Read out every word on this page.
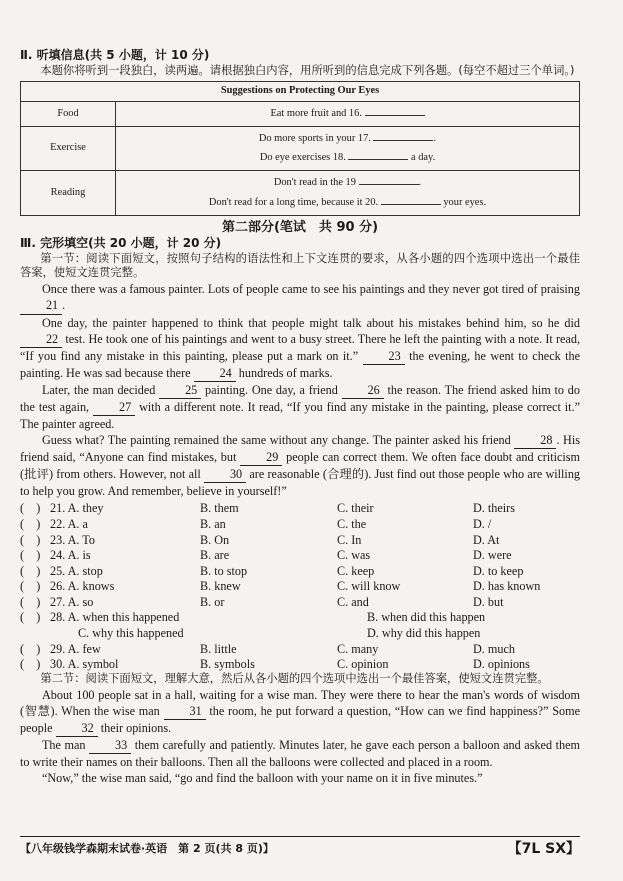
Ⅱ. 听填信息(共 5 小题，计 10 分)

本题你将听到一段独白，读两遍。请根据独白内容，用所听到的信息完成下列各题。(每空不超过三个单词。)

Suggestions on Protecting Our Eyes	
Food	Eat more fruit and 16.

Exercise	Do more sports in your 17. .
Do eye exercises 18. a day.

Reading	Don't read in the 19 .
Don't read for a long time, because it 20. your eyes.
第二部分(笔试　共 90 分)
Ⅲ. 完形填空(共 20 小题，计 20 分)

第一节：阅读下面短文，按照句子结构的语法性和上下文连贯的要求，从各小题的四个选项中选出一个最佳答案，使短文连贯完整。

Once there was a famous painter. Lots of people came to see his paintings and they never got tired of praising 21 .

One day, the painter happened to think that people might talk about his mistakes behind him, so he did 22 test. He took one of his paintings and went to a busy street. There he left the painting with a note. It read, “If you find any mistake in this painting, please put a mark on it.” 23 the evening, he went to check the painting. He was sad because there 24 hundreds of marks.

Later, the man decided 25 painting. One day, a friend 26 the reason. The friend asked him to do the test again, 27 with a different note. It read, “If you find any mistake in the painting, please correct it.” The painter agreed.

Guess what? The painting remained the same without any change. The painter asked his friend 28 . His friend said, “Anyone can find mistakes, but 29 people can correct them. We often face doubt and criticism (批评) from others. However, not all 30 are reasonable (合理的). Just find out those people who are willing to help you grow. And remember, believe in yourself!”

(　) 21. A. they	B. them	C. their	D. theirs
(　) 22. A. a	B. an	C. the	D. /
(　) 23. A. To	B. On	C. In	D. At
(　) 24. A. is	B. are	C. was	D. were
(　) 25. A. stop	B. to stop	C. keep	D. to keep
(　) 26. A. knows	B. knew	C. will know	D. has known
(　) 27. A. so	B. or	C. and	D. but
(　) 28. A. when this happened	B. when did this happen
C. why this happened	D. why did this happen
(　) 29. A. few	B. little	C. many	D. much
(　) 30. A. symbol	B. symbols	C. opinion	D. opinions

第二节：阅读下面短文，理解大意，然后从各小题的四个选项中选出一个最佳答案，使短文连贯完整。

About 100 people sat in a hall, waiting for a wise man. They were there to hear the man's words of wisdom (智慧). When the wise man 31 the room, he put forward a question, “How can we find happiness?” Some people 32 their opinions.

The man 33 them carefully and patiently. Minutes later, he gave each person a balloon and asked them to write their names on their balloons. Then all the balloons were collected and placed in a room.

“Now,” the wise man said, “go and find the balloon with your name on it in five minutes.”

【八年级钱学森期末试卷·英语　第 2 页(共 8 页)】	【7L SX】
